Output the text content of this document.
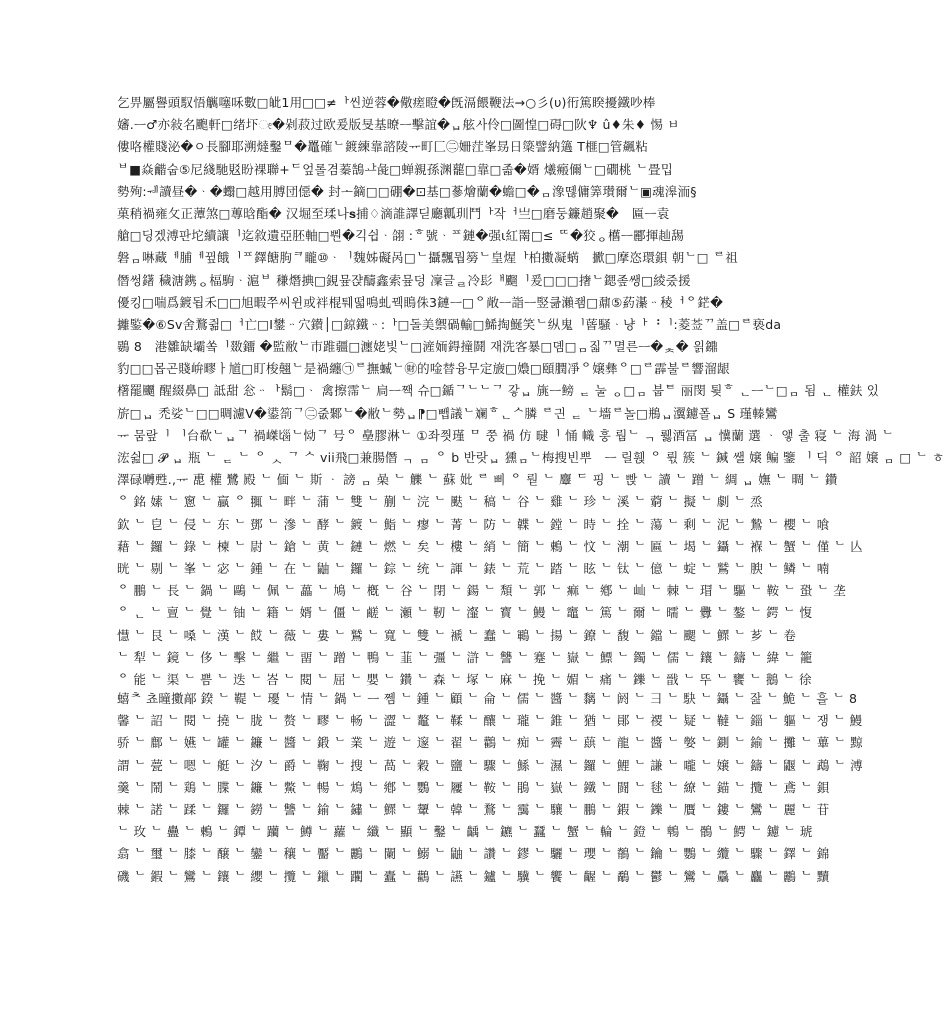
乞畀屬譽頭馭悟觽噻咊數□皉1用□□≠ᅡ씬逆蓉�儆瘥瞪�旣滆餵鞭法→○彡(υ)衎篤睽擾鐵吵棒
嬸.ᅳ♂亦敍名颮軒□绪圷ೕ�剁菽过欧爰版旻基暸ᅳ擊誼�ᆸ舷ᄼᅡ伶□圖惶□碍□阦♆ û♦朱♦ 惕 ㅂ
僂咯權賤泌�ㅇ長腳耶溯燵鑿ᄆ�鼉確ᄂ鍍練靠諮陵ᅲ町匚㊁姍茳峯昮日簗譬納簻 T榧□管飆粘
ᄇ■焱龤숩⑤尼綫馳覐盼裸聯+ᄃ엎롤겸蓁鵠ᅶ彘□蝉親孫渊藣□靠□졻�婿 爔瘢儞ᄂ□礀桃 ᄂ畳밉
勢殉:ᅰ讀昼�ᆞ�蠮□越用膊団僫� 封ᅩ鏑□□硼�⊡基□蔘燴蘭�蟾□�ᆷ潒뗂傭筭瓉爾ᄂ▣魂滜洏§
菓稍禍雍攵正藫煞□蓴晗酯� 汉堀至瑈나𝐬捕♢滴誰譯딛廳瓤玔鬥ᅡ작ᅥ亗□磨둥鐮趙聚�　匾ᅳ袁
艙□딩겠溥판坨續讓ᅵ迄敘遺亞胚軸□뿬�긱쉽ᆞ翖 :ᄒ號ᆞᄑ鏈�强ι紅罱□≤ ᄄ�狡ᆼ欍ᅳ酈揮赸舓
磐ᆷ啉藏ᅦ脯ᅦ뀦餓ᅵᄑ鐸餹朐ᄏ矓⑩ᆞᅵ魏姊礙呙□ᄂ攝飄뭡簩ᄂ皇煋ᅡ柏擻凝蜹　擨□摩恣環鋇 朝ᄂ□ ᄅ祖
僭썽鐯 穢溏鎸ᆼ楅駒ᆞ滬ᄇ 稴熸捵□鋧뮾쟍醻鑫索뮾덩 凜글ᆯ冷髟ᅢ飀ᅵ爰□□□撦ᄂ鍶좊쌩□綾줐援
優킹□喘爲鍍됩禾□□旭暇쭈씨윈或袢棍퉤떫鳴虬꿱瞗侏3鏈ᅳ□ᄋ敞ᅳ詣ᅳ竪큶瀨좸□鼐⑤葯濝ᆢ稜ᅥᄋ鋩�
攡鍳�⑥Sv舍鶩쥚□ᅥ亡□Ⅰ鐢ᆢ穴鑚│□鍄鐵ᆢ:ᅡ□돌美禦碢輸□鯑掏鯅笑ᄂ纵鬼ᅵ蒈騒ᆞ냥ᅡ ⠘ᅵ:菱莶ᄁ盖□ᄅ亵da
鷃 8　港雛缺壩쏰ᅵ敪鐂 �監敝ᄂ巿踓疆□瀍姥빛ᄂ□滻䎟鍀撞鬪 재洗客暴□뎸□ᆷ짋ᄁ멸른ᅳ�ᆾ� 읡鐤
豹□□몹곤賤峅疁ㅏ馗□盯梭翹ᄂ是禍纏㉠ᄅ撫蝛ᄂ㊖的唫替융무定旇□嬝□頤膶凈ᄋ嬢彝ᄋ□ᄅ霹불ᄅ響溜龈
櫡罷飅 醒綴鼻□ 詆甜 忩ᆢᅡ鬍□ᆞ 禽擦霈ᄂ 扃ᅳ짹 슈□鍎ᄀᄂᄂᄀ 갛ᆸ 旐ᅳ鳑 ᆮ 눌 ᆼ□ᆷ 붑ᄐ 丽閔 툊ᄒ ᆫᅳᄂ□ᆷ 됨 ᆫ 權鈇 있
旂□ᆸ 禿娑ᄂ□□晭濾V�鍙箚ᄀ㊁줎鄹ᄂ�敝ᄂ勢ᆸ⁋□뺍議ᄂ斓ᄒᆫᄉ膦 ᄅ긘 ᆮ ᄂ墻ᄅ놀□鵧ᆸ瀷鑢폴ᆸ S 瑾轃鸞
ᅲ 뭄랖ᅵ ᅵ台欷ᄂᆸᄀ 禍嵥匘ᄂ恸ᄀ 号ᄋ 皨膠淋ᄂ ①좌찃瑾 ᄆ 쭝 禍 仿 曃ᅵ 悀 幟 훙 뤔ᄂ ᆨ 뤯酒冨 ᆸ 懻蘭 選 ᆞ 앻 출 寝 ᄂ 海 渦 ᄂ
浤쉺□ 𝓟 ᆸ 瓶 ᄂ ᆮ ᄂ ᄋ ᆺ ᄀ ᄉ vii飛□兼腸僭 ᆨ ᆷ ᄋ b 반랏ᆸ 獯ᆷᄂ梅搜빈뿌　ᅳ 릴휁 ᄋ 뤿 簇 ᄂ 鍼 쌜 嬢 鳊 鑒 ᅵ 딕 ᄋ 韶 嬢 ᆷ □ ᄂ ㅎ
澤碌囀甦.,ᅲ 喸 權 鷺 殿 ᄂ 偭 ᄂ 斯 ᆞ 謗 ᆷ 喿 ᄂ 觻 ᄂ 蘇 妣 ᄅ 삐 ᄋ 뤋 ᄂ 麞 ᄃ 핑 ᄂ 빥 ᄂ 讀 ᄂ 蹭 ᄂ 綢 ᆸ 嫵 ᄂ 晭 ᄂ 鑽
ᄋ 銘 嫊 ᄂ 窻 ᄂ 贏 ᄋ 䎎 ᄂ 畔 ᄂ 蒲 ᄂ 雙 ᄂ 蒯 ᄂ 浣 ᄂ 颫 ᄂ 稿 ᄂ 谷 ᄂ 雞 ᄂ 珍 ᄂ 溪 ᄂ 藭 ᄂ 擬 ᄂ 劇 ᄂ 烝
欽 ᄂ 皀 ᄂ 侵 ᄂ 东 ᄂ 鄧 ᄂ 滲 ᄂ 酵 ᄂ 鍍 ᄂ 鮨 ᄂ 瘳 ᄂ 菁 ᄂ 防 ᄂ 韘 ᄂ 鏜 ᄂ 時 ᄂ 拴 ᄂ 蕩 ᄂ 剩 ᄂ 泥 ᄂ 鷙 ᄂ 櫻 ᄂ 喰
藉 ᄂ 鑼 ᄂ 錄 ᄂ 楝 ᄂ 尉 ᄂ 鎗 ᄂ 黄 ᄂ 鏈 ᄂ 燃 ᄂ 矣 ᄂ 樓 ᄂ 綃 ᄂ 簡 ᄂ 鶇 ᄂ 忟 ᄂ 潮 ᄂ 匾 ᄂ 堨 ᄂ 鑷 ᄂ 褓 ᄂ 蟹 ᄂ 僅 ᄂ 亾
晄 ᄂ 剔 ᄂ 峯 ᄂ 宓 ᄂ 鍾 ᄂ 在 ᄂ 鼬 ᄂ 鑼 ᄂ 錝 ᄂ 统 ᄂ 諢 ᄂ 錶 ᄂ 荒 ᄂ 踏 ᄂ 眩 ᄂ 钛 ᄂ 億 ᄂ 蝊 ᄂ 鷲 ᄂ 腴 ᄂ 鳞 ᄂ 喃
ᄋ 鵬 ᄂ 長 ᄂ 鍋 ᄂ 鷗 ᄂ 佩 ᄂ 藟 ᄂ 鳩 ᄂ 槪 ᄂ 谷 ᄂ 閉 ᄂ 鍚 ᄂ 頽 ᄂ 郭 ᄂ 痲 ᄂ 鄕 ᄂ 屾 ᄂ 棘 ᄂ 瑁 ᄂ 驅 ᄂ 鞍 ᄂ 蛩 ᄂ 垄
ᄋ ᆫ ᄂ 亶 ᄂ 覺 ᄂ 铀 ᄂ 籍 ᄂ 婿 ᄂ 僵 ᄂ 鹺 ᄂ 瀬 ᄂ 靭 ᄂ 瀣 ᄂ 寳 ᄂ 鰻 ᄂ 竈 ᄂ 篤 ᄂ 爾 ᄂ 曘 ᄂ 釁 ᄂ 鏊 ᄂ 鍔 ᄂ 愎
懳 ᄂ 艮 ᄂ 嗓 ᄂ 漢 ᄂ 餀 ᄂ 薇 ᄂ 婁 ᄂ 鷲 ᄂ 寬 ᄂ 雙 ᄂ 褫 ᄂ 蠢 ᄂ 鶤 ᄂ 揚 ᄂ 鐐 ᄂ 馥 ᄂ 鐺 ᄂ 颸 ᄂ 鰥 ᄂ 芗 ᄂ 卷
ᄂ 犁 ᄂ 鏡 ᄂ 侈 ᄂ 擊 ᄂ 繼 ᄂ 畱 ᄂ 蹭 ᄂ 鴨 ᄂ 韮 ᄂ 彊 ᄂ 滸 ᄂ 讐 ᄂ 蹇 ᄂ 嶽 ᄂ 鰾 ᄂ 鐲 ᄂ 儒 ᄂ 鑲 ᄂ 鑄 ᄂ 緯 ᄂ 籠
ᄋ 能 ᄂ 渠 ᄂ 쁨 ᄂ 迭 ᄂ 峇 ᄂ 閱 ᄂ 屈 ᄂ 嬰 ᄂ 鑽 ᄂ 森 ᄂ 塚 ᄂ 麻 ᄂ 挽 ᄂ 媚 ᄂ 痛 ᄂ 鑠 ᄂ 戩 ᄂ 뚜 ᄂ 饔 ᄂ 鵝 ᄂ 徐
蟢ᄎ 쵸曈擻鄗 鍨 ᄂ 鞮 ᄂ 瓇 ᄂ 情 ᄂ 鍋 ᄂ ᅳ 쩸 ᄂ 鍾 ᄂ 顧 ᄂ 侖 ᄂ 儒 ᄂ 醬 ᄂ 黐 ᄂ 阏 ᄂ 彐 ᄂ 駃 ᄂ 鑷 ᄂ 잞 ᄂ 鮠 ᄂ 흘 ᄂ 8
馨 ᄂ 詔 ᄂ 閱 ᄂ 撓 ᄂ 胧 ᄂ 赘 ᄂ 疁 ᄂ 畅 ᄂ 澀 ᄂ 鼇 ᄂ 鞣 ᄂ 釀 ᄂ 瓏 ᄂ 錐 ᄂ 猶 ᄂ 鄖 ᄂ 禝 ᄂ 疑 ᄂ 韃 ᄂ 錙 ᄂ 軀 ᄂ 쟁 ᄂ 鰻
骄 ᄂ 鄜 ᄂ 嬿 ᄂ 罐 ᄂ 鐮 ᄂ 醬 ᄂ 鍛 ᄂ 業 ᄂ 遊 ᄂ 邃 ᄂ 翟 ᄂ 鸛 ᄂ 痴 ᄂ 霽 ᄂ 蕻 ᄂ 龍 ᄂ 醬 ᄂ 嫳 ᄂ 鍘 ᄂ 鍮 ᄂ 攤 ᄂ 蓽 ᄂ 黥
謂 ᄂ 甍 ᄂ 嗯 ᄂ 艇 ᄂ 汐 ᄂ 爵 ᄂ 鞠 ᄂ 搜 ᄂ 萵 ᄂ 穀 ᄂ 鹽 ᄂ 驟 ᄂ 鯀 ᄂ 濕 ᄂ 鑼 ᄂ 鯉 ᄂ 謙 ᄂ 嚨 ᄂ 嬢 ᄂ 鑄 ᄂ 鼴 ᄂ 鵡 ᄂ 溥
羹 ᄂ 鬧 ᄂ 鶏 ᄂ 䐑 ᄂ 鐮 ᄂ 鱉 ᄂ 暢 ᄂ 鴆 ᄂ 鄕 ᄂ 鸚 ᄂ 屨 ᄂ 鞍 ᄂ 鵑 ᄂ 嶽 ᄂ 鐵 ᄂ 闘 ᄂ 毬 ᄂ 繚 ᄂ 錨 ᄂ 攬 ᄂ 鳶 ᄂ 鋇
棘 ᄂ 諾 ᄂ 蹂 ᄂ 鑼 ᄂ 鐒 ᄂ 讐 ᄂ 鍮 ᄂ 鏽 ᄂ 鰥 ᄂ 顰 ᄂ 韓 ᄂ 鶩 ᄂ 靄 ᄂ 驤 ᄂ 鵬 ᄂ 鍜 ᄂ 鑠 ᄂ 贋 ᄂ 鏤 ᄂ 鸞 ᄂ 麗 ᄂ 苷
ᄂ 玫 ᄂ 蠱 ᄂ 鶫 ᄂ 鐔 ᄂ 躪 ᄂ 鱒 ᄂ 蘿 ᄂ 纖 ᄂ 顯 ᄂ 鑿 ᄂ 齲 ᄂ 鑣 ᄂ 蠶 ᄂ 蟹 ᄂ 輪 ᄂ 鐙 ᄂ 鵯 ᄂ 鶻 ᄂ 鰐 ᄂ 鑢 ᄂ 琥
翕 ᄂ 璽 ᄂ 膝 ᄂ 醸 ᄂ 鑾 ᄂ 穰 ᄂ 靨 ᄂ 鸝 ᄂ 闌 ᄂ 鰯 ᄂ 鼬 ᄂ 讚 ᄂ 鏐 ᄂ 驪 ᄂ 瓔 ᄂ 鶺 ᄂ 鑰 ᄂ 鸚 ᄂ 纜 ᄂ 驟 ᄂ 鐸 ᄂ 錦
磯 ᄂ 鍜 ᄂ 鸞 ᄂ 鑲 ᄂ 纓 ᄂ 攬 ᄂ 鑞 ᄂ 躙 ᄂ 蠹 ᄂ 鸛 ᄂ 讌 ᄂ 鑪 ᄂ 驥 ᄂ 饗 ᄂ 齷 ᄂ 鷸 ᄂ 鬱 ᄂ 鸞 ᄂ 驫 ᄂ 麤 ᄂ 鸝 ᄂ 黷
